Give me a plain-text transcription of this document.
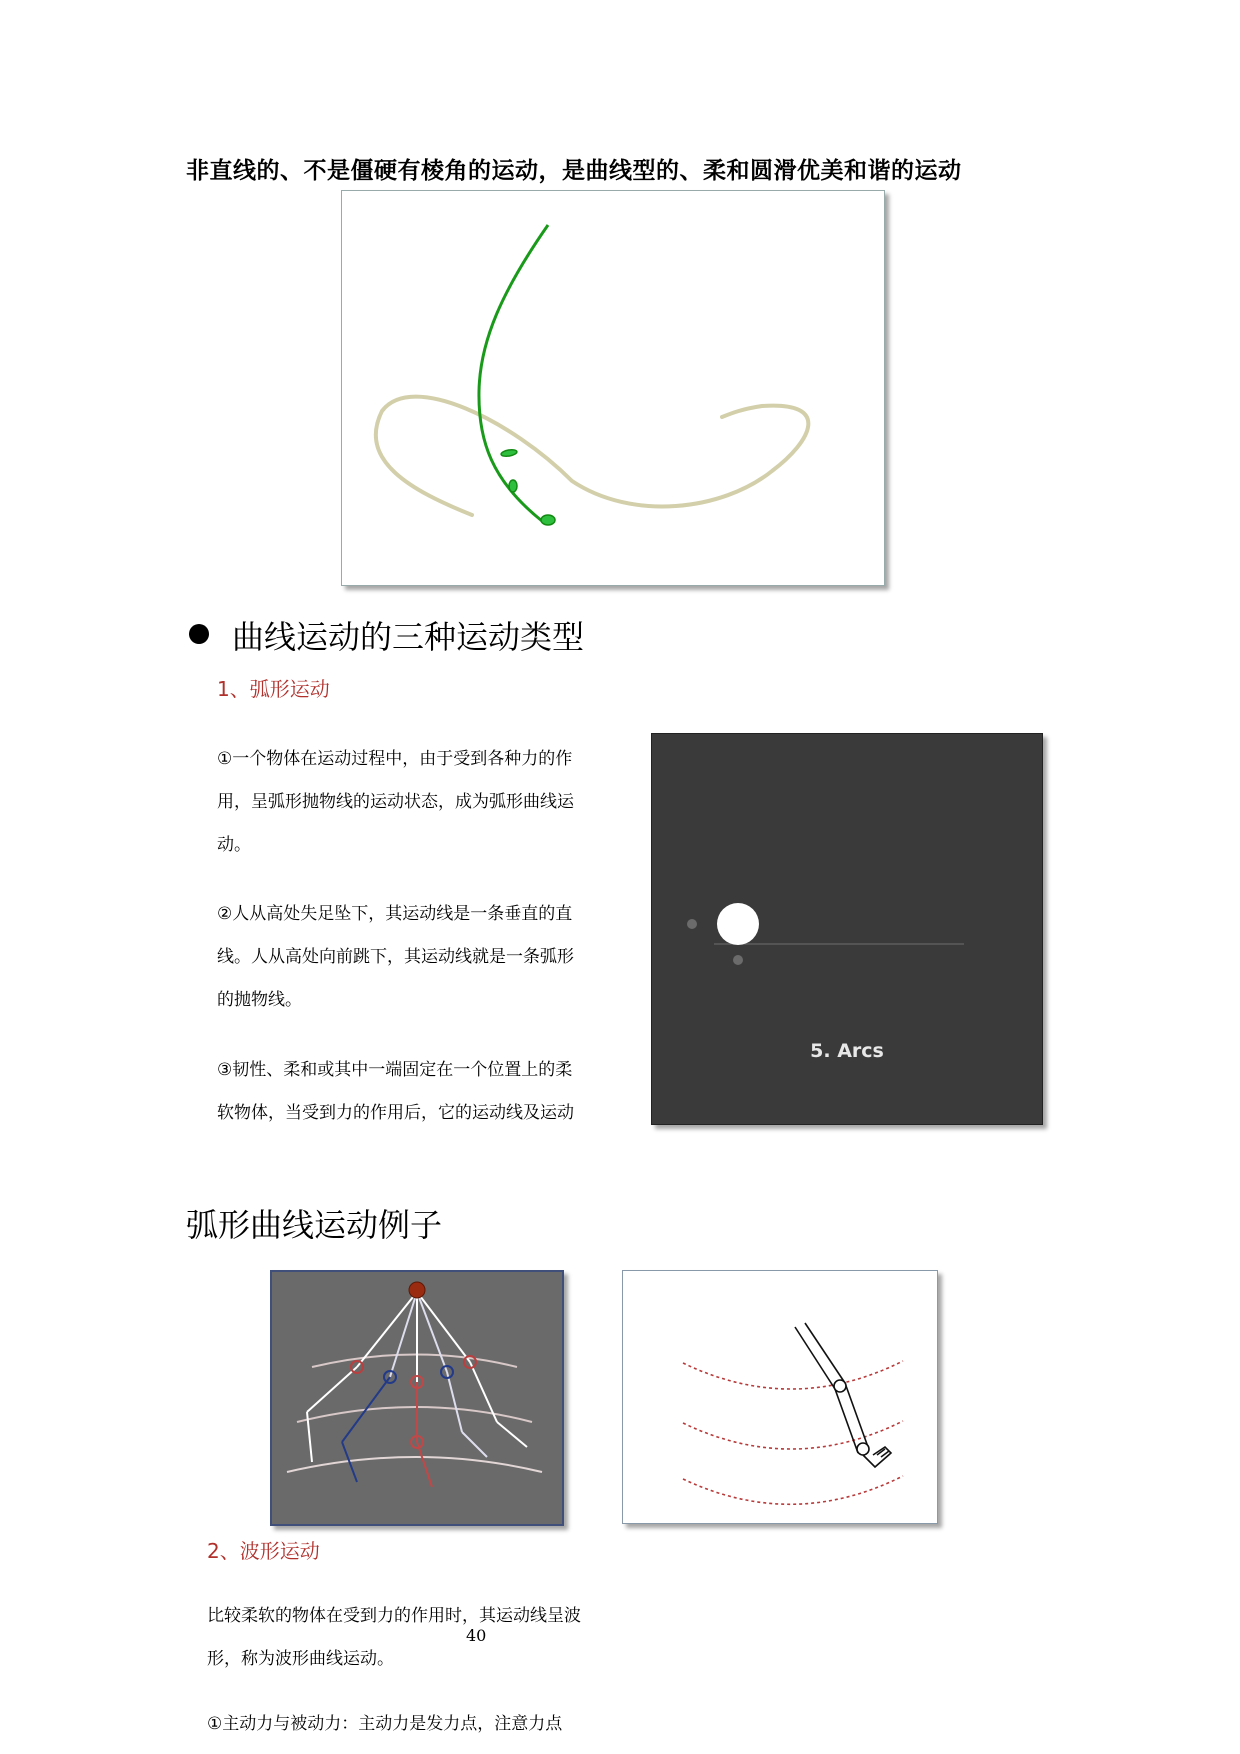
非直线的、不是僵硬有棱角的运动，是曲线型的、柔和圆滑优美和谐的运动
曲线运动的三种运动类型
1、弧形运动
①一个物体在运动过程中，由于受到各种力的作
用，呈弧形抛物线的运动状态，成为弧形曲线运
动。
②人从高处失足坠下，其运动线是一条垂直的直
线。人从高处向前跳下，其运动线就是一条弧形
的抛物线。
③韧性、柔和或其中一端固定在一个位置上的柔
软物体，当受到力的作用后，它的运动线及运动
5. Arcs
弧形曲线运动例子
2、波形运动
比较柔软的物体在受到力的作用时，其运动线呈波
形，称为波形曲线运动。
40
①主动力与被动力：主动力是发力点，注意力点
